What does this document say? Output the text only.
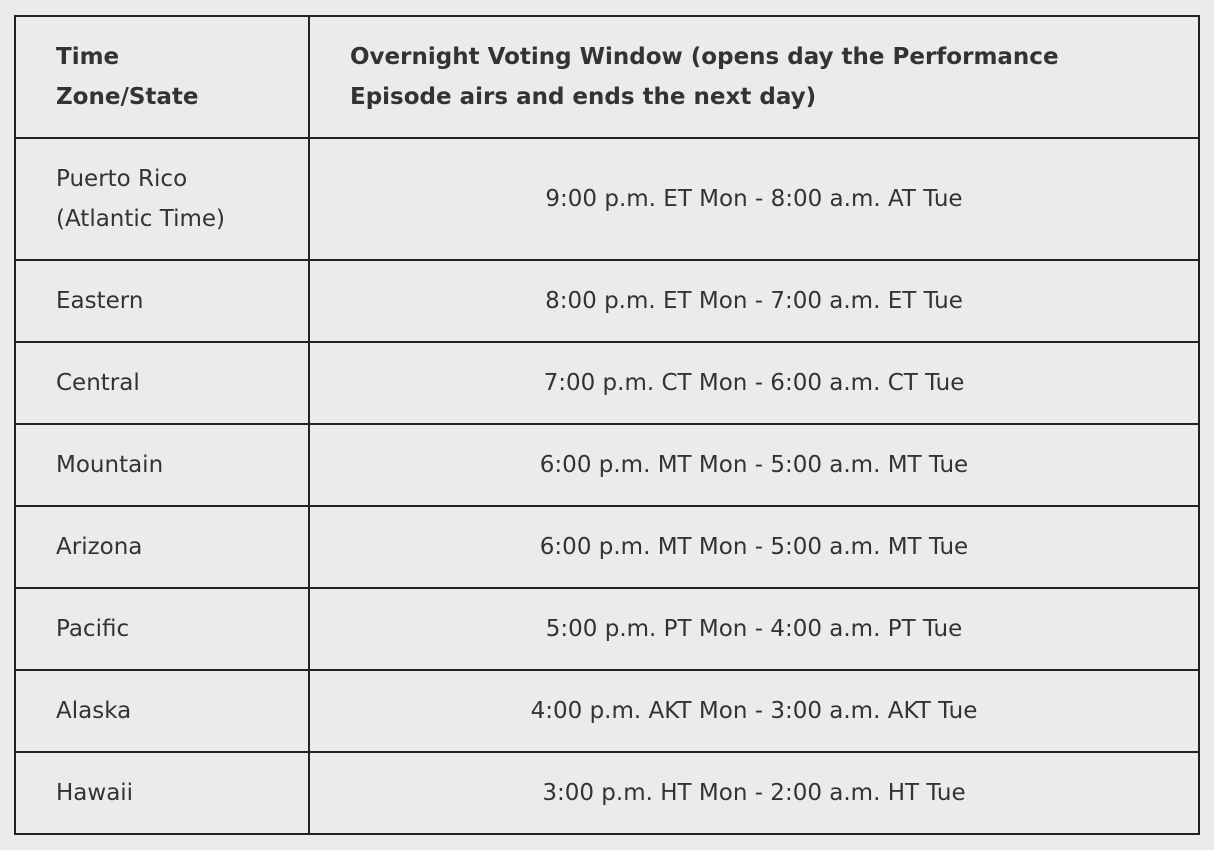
Time Zone/State	Overnight Voting Window (opens day the Performance Episode airs and ends the next day)
Puerto Rico
(Atlantic Time)	9:00 p.m. ET Mon - 8:00 a.m. AT Tue
Eastern	8:00 p.m. ET Mon - 7:00 a.m. ET Tue
Central	7:00 p.m. CT Mon - 6:00 a.m. CT Tue
Mountain	6:00 p.m. MT Mon - 5:00 a.m. MT Tue
Arizona	6:00 p.m. MT Mon - 5:00 a.m. MT Tue
Pacific	5:00 p.m. PT Mon - 4:00 a.m. PT Tue
Alaska	4:00 p.m. AKT Mon - 3:00 a.m. AKT Tue
Hawaii	3:00 p.m. HT Mon - 2:00 a.m. HT Tue
